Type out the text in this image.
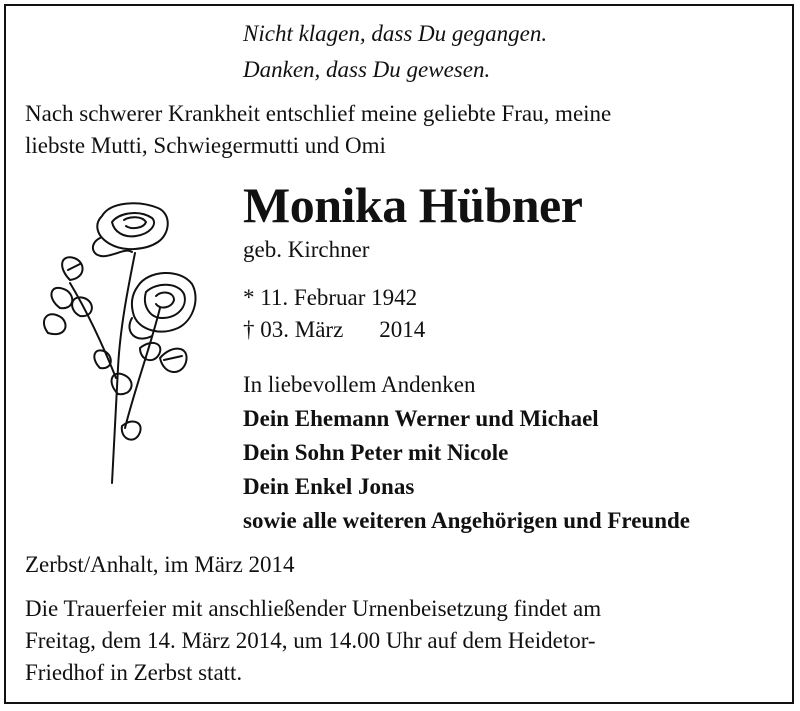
Nicht klagen, dass Du gegangen.

Danken, dass Du gewesen.

Nach schwerer Krankheit entschlief meine geliebte Frau, meine

liebste Mutti, Schwiegermutti und Omi

Monika Hübner

geb. Kirchner

* 11. Februar 1942

† 03. März 2014

In liebevollem Andenken

Dein Ehemann Werner und Michael

Dein Sohn Peter mit Nicole

Dein Enkel Jonas

sowie alle weiteren Angehörigen und Freunde

Zerbst/Anhalt, im März 2014

Die Trauerfeier mit anschließender Urnenbeisetzung findet am

Freitag, dem 14. März 2014, um 14.00 Uhr auf dem Heidetor-

Friedhof in Zerbst statt.
